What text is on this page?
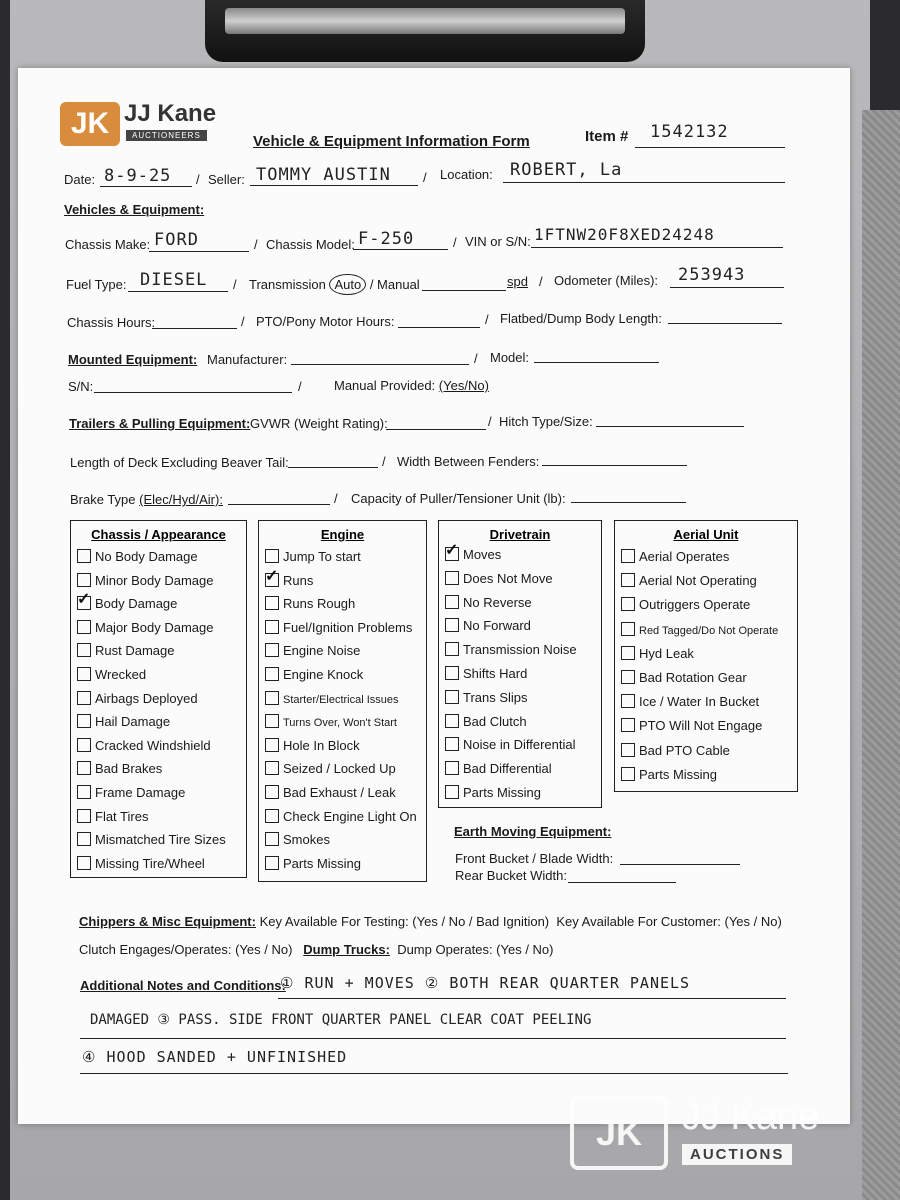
JK JJ Kane
AUCTIONEERS	Vehicle & Equipment Information Form	Item # 1542132
Date: 8-9-25 / Seller: TOMMY AUSTIN / Location: ROBERT, La
Vehicles & Equipment:
Chassis Make: FORD	/ Chassis Model: F-250	/ VIN or S/N: 1FTNW20F8XED24248
Fuel Type: DIESEL / Transmission Auto / Manual	spd / Odometer (Miles): 253943
Chassis Hours:	/ PTO/Pony Motor Hours:	/ Flatbed/Dump Body Length:
Mounted Equipment: Manufacturer:	/ Model:
S/N:	/ Manual Provided: (Yes/No)
Trailers & Pulling Equipment: GVWR (Weight Rating):	/ Hitch Type/Size:
Length of Deck Excluding Beaver Tail:	/ Width Between Fenders:
Brake Type (Elec/Hyd/Air):	/ Capacity of Puller/Tensioner Unit (lb):
Chassis / Appearance
No Body Damage
Minor Body Damage
✓Body Damage
Major Body Damage
Rust Damage
Wrecked
Airbags Deployed
Hail Damage
Cracked Windshield
Bad Brakes
Frame Damage
Flat Tires
Mismatched Tire Sizes
Missing Tire/Wheel
Engine
Jump To start
✓Runs
Runs Rough
Fuel/Ignition Problems
Engine Noise
Engine Knock
Starter/Electrical Issues
Turns Over, Won't Start
Hole In Block
Seized / Locked Up
Bad Exhaust / Leak
Check Engine Light On
Smokes
Parts Missing
Drivetrain
✓Moves
Does Not Move
No Reverse
No Forward
Transmission Noise
Shifts Hard
Trans Slips
Bad Clutch
Noise in Differential
Bad Differential
Parts Missing
Aerial Unit
Aerial Operates
Aerial Not Operating
Outriggers Operate
Red Tagged/Do Not Operate
Hyd Leak
Bad Rotation Gear
Ice / Water In Bucket
PTO Will Not Engage
Bad PTO Cable
Parts Missing
Earth Moving Equipment:
Front Bucket / Blade Width:
Rear Bucket Width:
Chippers & Misc Equipment: Key Available For Testing: (Yes / No / Bad Ignition) Key Available For Customer: (Yes / No)
Clutch Engages/Operates: (Yes / No) Dump Trucks: Dump Operates: (Yes / No)
Additional Notes and Conditions:
① RUN + MOVES ② BOTH REAR QUARTER PANELS
DAMAGED ③ PASS. SIDE FRONT QUARTER PANEL CLEAR COAT PEELING
④ HOOD SANDED + UNFINISHED
JK	JJ Kane
AUCTIONS
